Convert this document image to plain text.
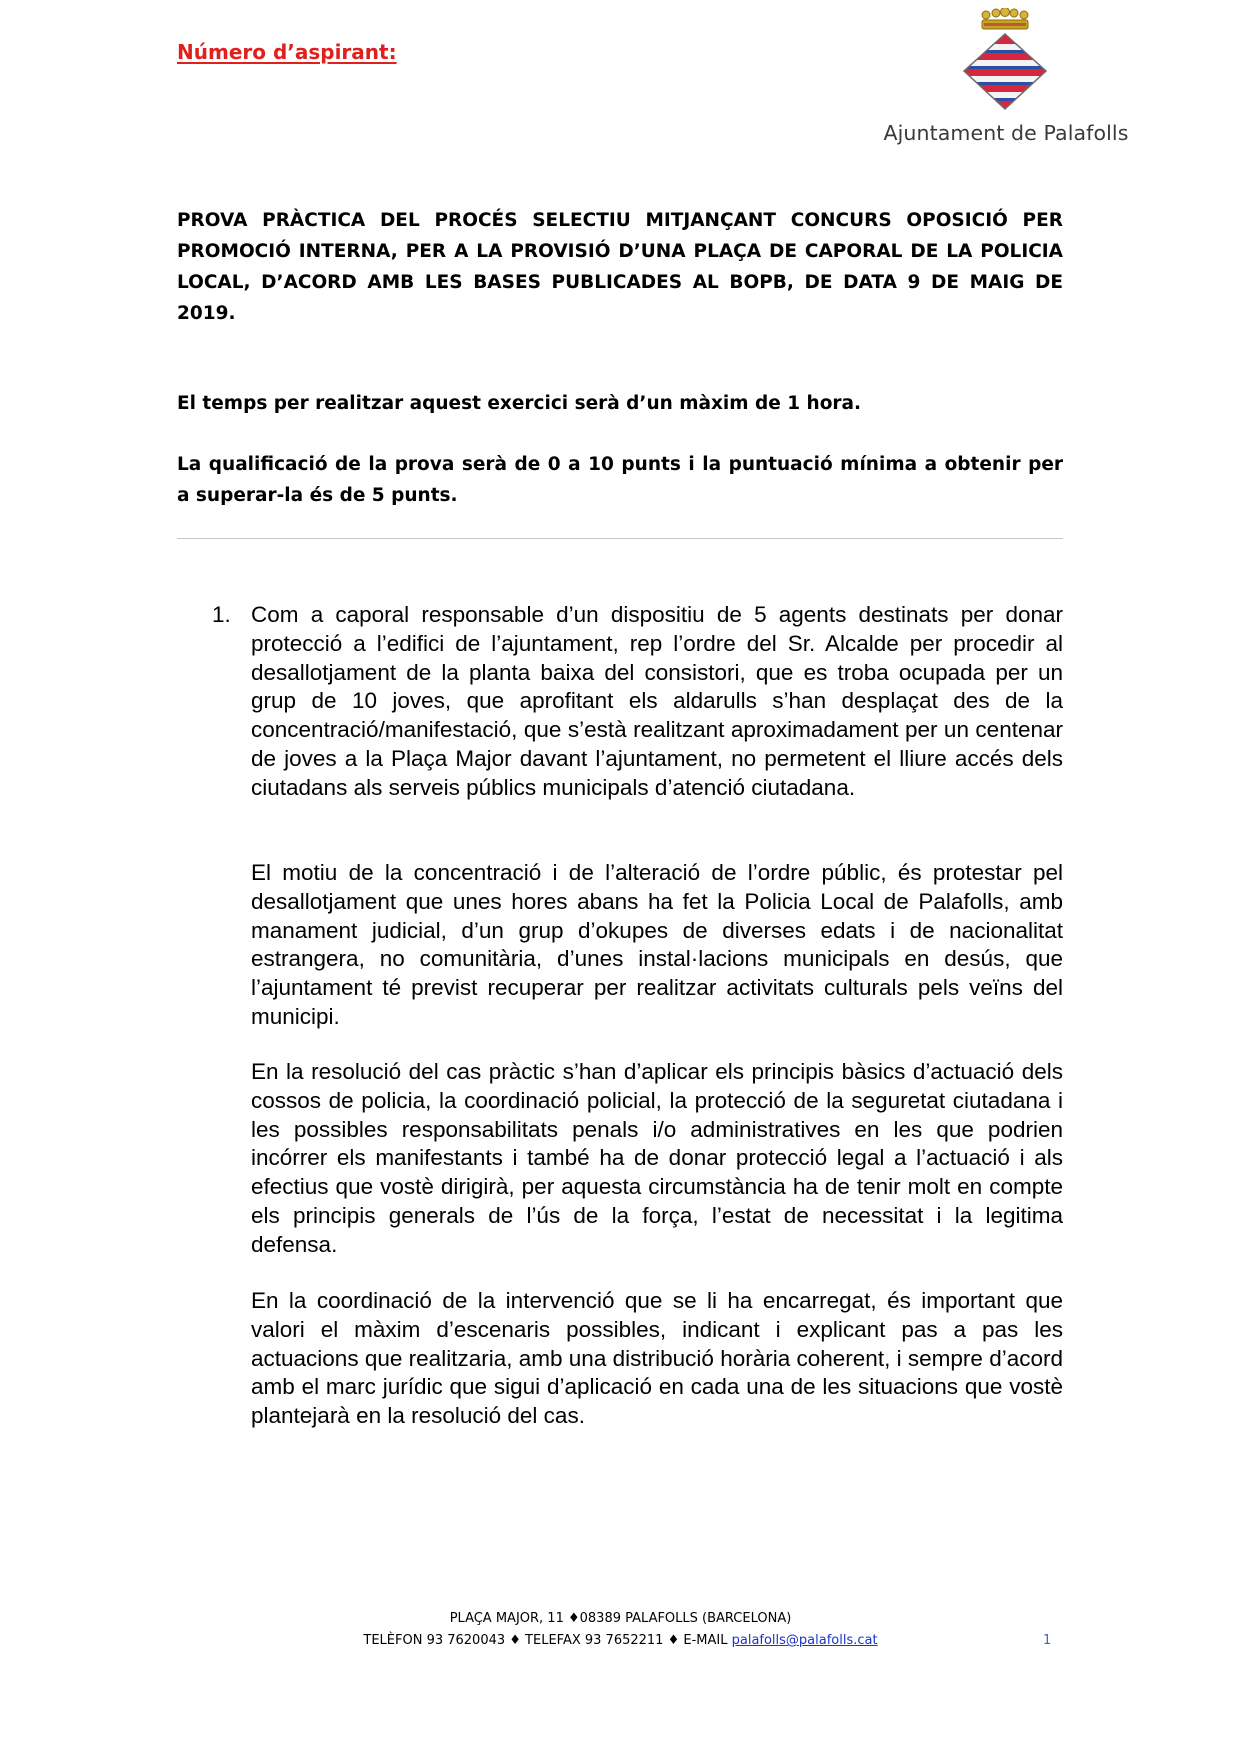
Número d’aspirant:

Ajuntament de Palafolls

PROVA PRÀCTICA DEL PROCÉS SELECTIU MITJANÇANT CONCURS OPOSICIÓ PER PROMOCIÓ INTERNA, PER A LA PROVISIÓ D’UNA PLAÇA DE CAPORAL DE LA POLICIA LOCAL, D’ACORD AMB LES BASES PUBLICADES AL BOPB, DE DATA 9 DE MAIG DE 2019.

El temps per realitzar aquest exercici serà d’un màxim de 1 hora.

La qualificació de la prova serà de 0 a 10 punts i la puntuació mínima a obtenir per a superar-la és de 5 punts.

1. Com a caporal responsable d’un dispositiu de 5 agents destinats per donar protecció a l’edifici de l’ajuntament, rep l’ordre del Sr. Alcalde per procedir al desallotjament de la planta baixa del consistori, que es troba ocupada per un grup de 10 joves, que aprofitant els aldarulls s’han desplaçat des de la concentració/manifestació, que s’està realitzant aproximadament per un centenar de joves a la Plaça Major davant l’ajuntament, no permetent el lliure accés dels ciutadans als serveis públics municipals d’atenció ciutadana.

El motiu de la concentració i de l’alteració de l’ordre públic, és protestar pel desallotjament que unes hores abans ha fet la Policia Local de Palafolls, amb manament judicial, d’un grup d’okupes de diverses edats i de nacionalitat estrangera, no comunitària, d’unes instal·lacions municipals en desús, que l’ajuntament té previst recuperar per realitzar activitats culturals pels veïns del municipi.

En la resolució del cas pràctic s’han d’aplicar els principis bàsics d’actuació dels cossos de policia, la coordinació policial, la protecció de la seguretat ciutadana i les possibles responsabilitats penals i/o administratives en les que podrien incórrer els manifestants i també ha de donar protecció legal a l’actuació i als efectius que vostè dirigirà, per aquesta circumstància ha de tenir molt en compte els principis generals de l’ús de la força, l’estat de necessitat i la legitima defensa.

En la coordinació de la intervenció que se li ha encarregat, és important que valori el màxim d’escenaris possibles, indicant i explicant pas a pas les actuacions que realitzaria, amb una distribució horària coherent, i sempre d’acord amb el marc jurídic que sigui d’aplicació en cada una de les situacions que vostè plantejarà en la resolució del cas.

PLAÇA MAJOR, 11 ♦08389 PALAFOLLS (BARCELONA)
TELÈFON 93 7620043 ♦ TELEFAX 93 7652211 ♦ E-MAIL palafolls@palafolls.cat	1
